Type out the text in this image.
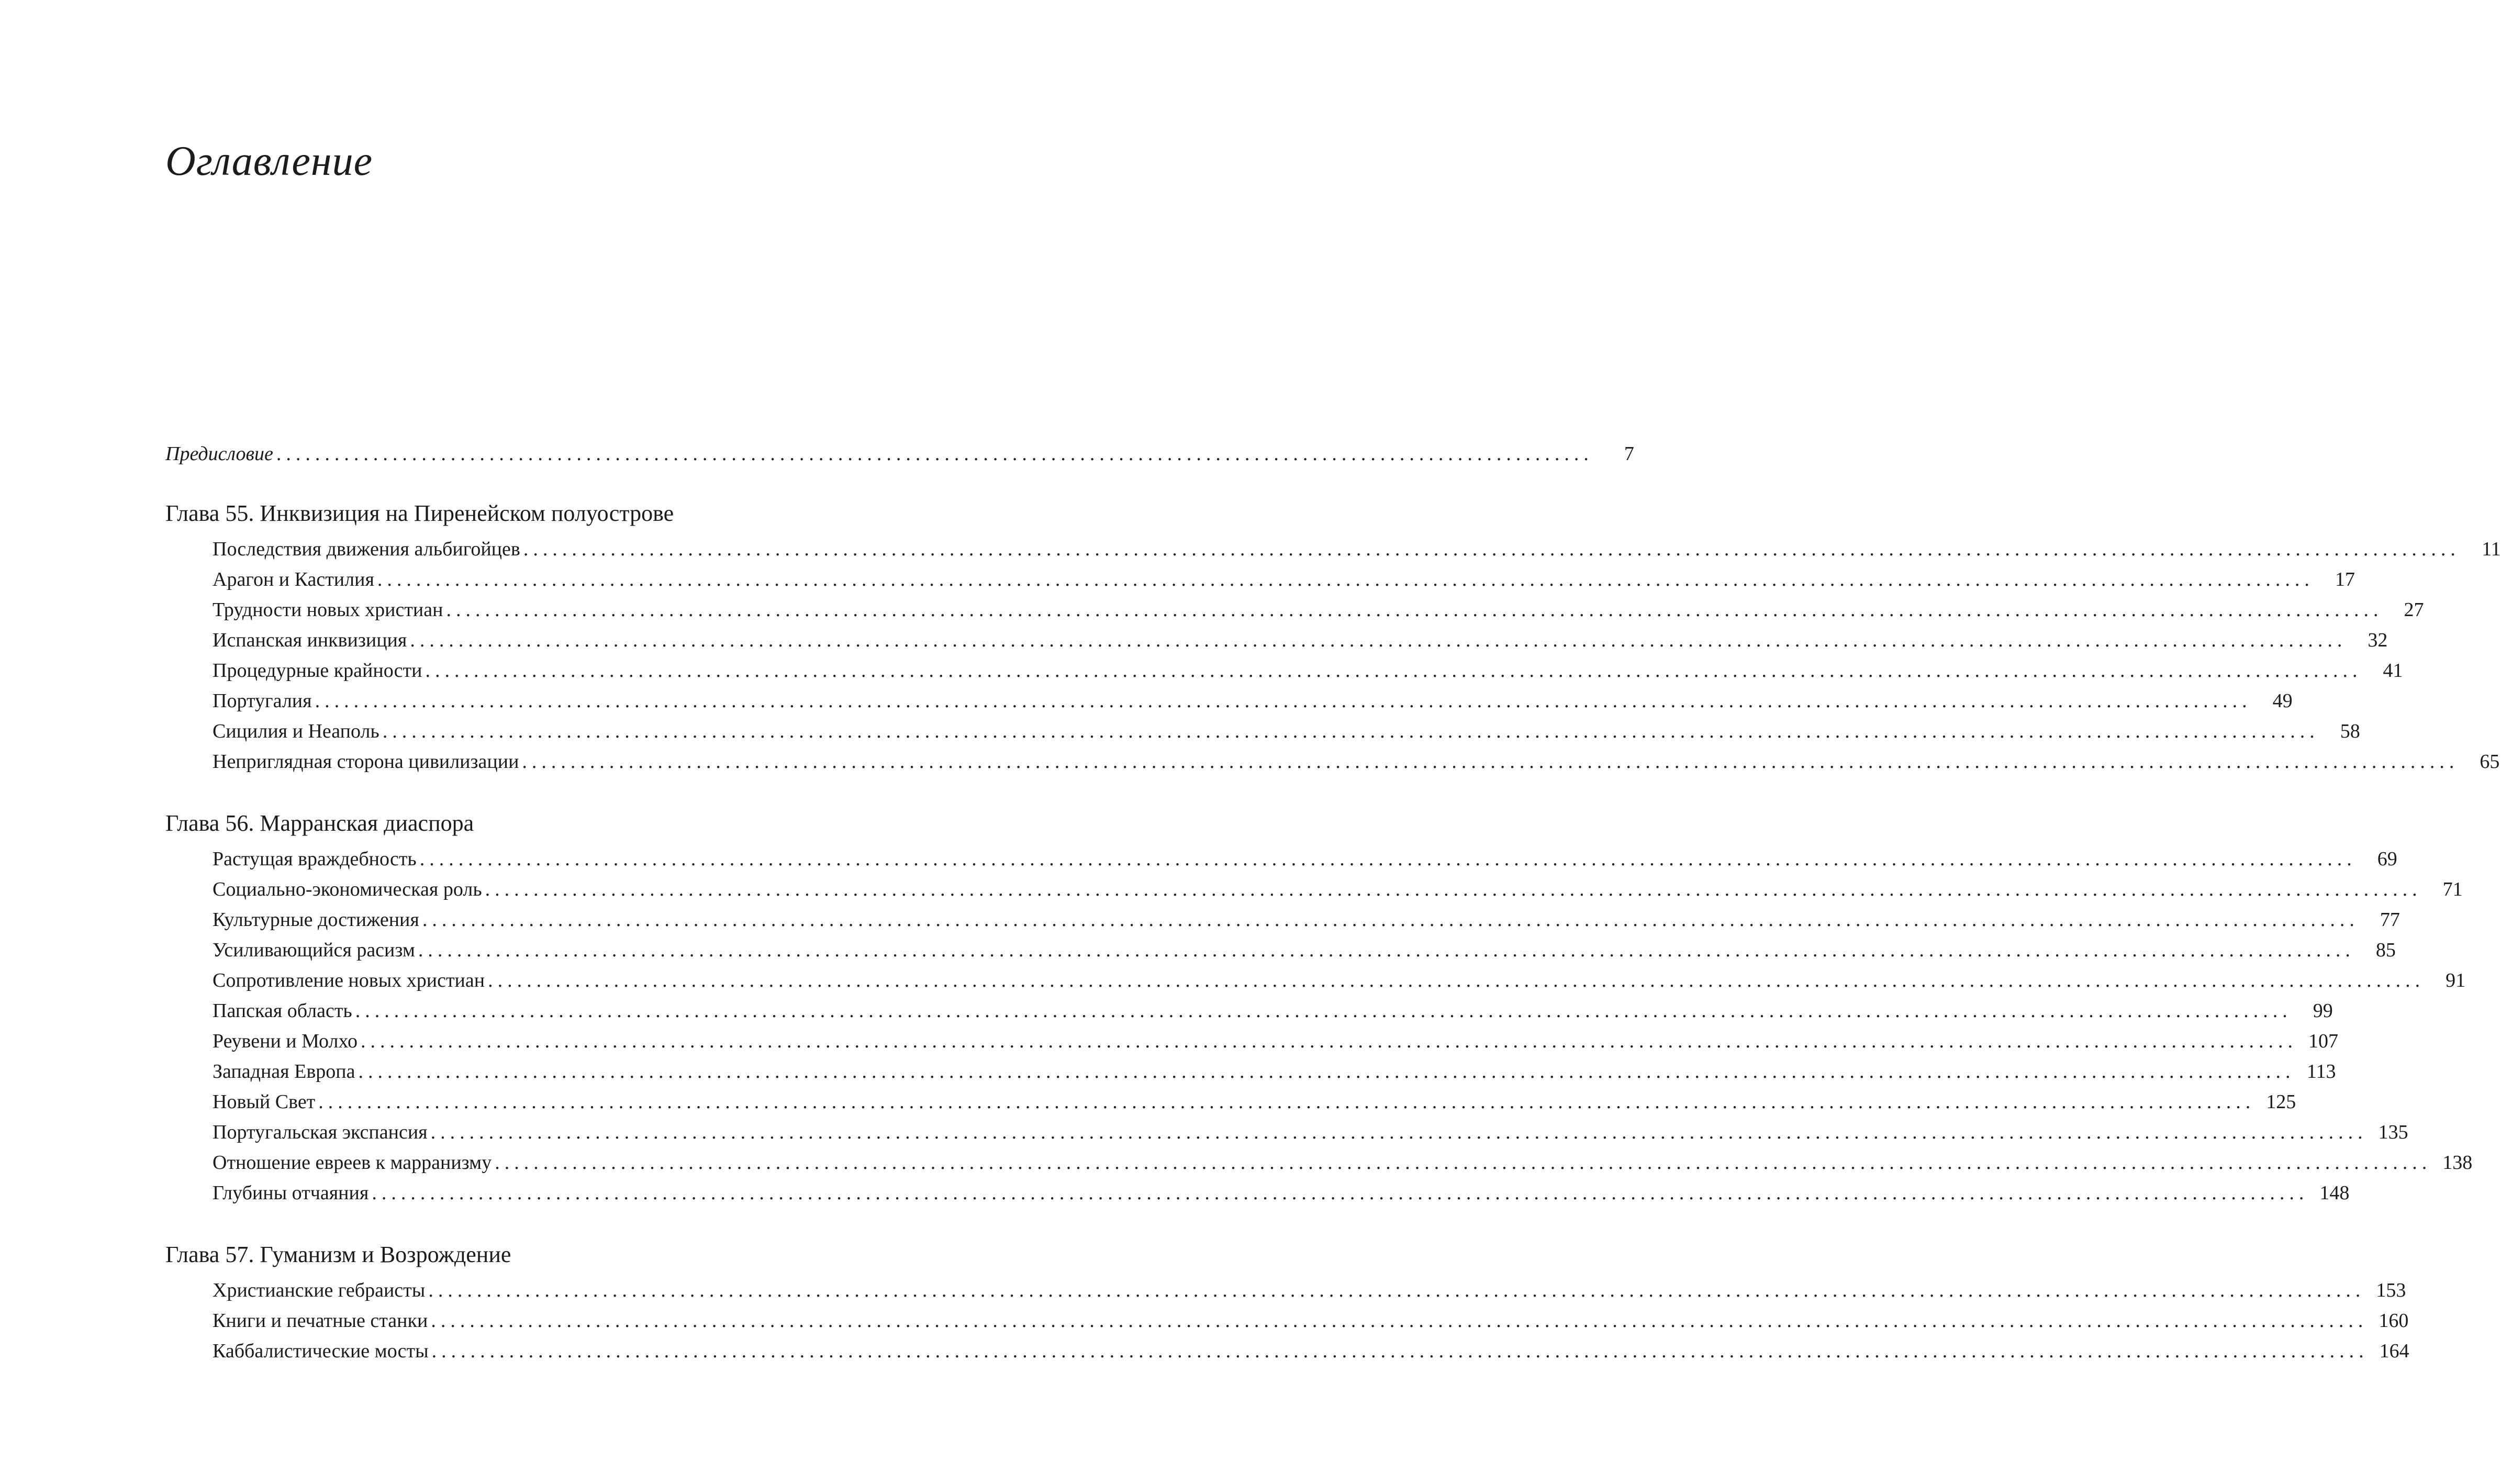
Оглавление
Предисловие ........................................................................................................................................	7
Глава 55. Инквизиция на Пиренейском полуострове
Последствия движения альбигойцев ........................................................................................................................................................................................................	11
Арагон и Кастилия ........................................................................................................................................................................................................	17
Трудности новых христиан ........................................................................................................................................................................................................	27
Испанская инквизиция ........................................................................................................................................................................................................	32
Процедурные крайности ........................................................................................................................................................................................................	41
Португалия ........................................................................................................................................................................................................	49
Сицилия и Неаполь ........................................................................................................................................................................................................	58
Неприглядная сторона цивилизации ........................................................................................................................................................................................................	65
Глава 56. Марранская диаспора
Растущая враждебность ........................................................................................................................................................................................................	69
Социально-экономическая роль ........................................................................................................................................................................................................	71
Культурные достижения ........................................................................................................................................................................................................	77
Усиливающийся расизм ........................................................................................................................................................................................................	85
Сопротивление новых христиан ........................................................................................................................................................................................................	91
Папская область ........................................................................................................................................................................................................	99
Реувени и Молхо ........................................................................................................................................................................................................ 107
Западная Европа ........................................................................................................................................................................................................ 113
Новый Свет ........................................................................................................................................................................................................ 125
Португальская экспансия ........................................................................................................................................................................................................ 135
Отношение евреев к марранизму ........................................................................................................................................................................................................ 138
Глубины отчаяния ........................................................................................................................................................................................................ 148
Глава 57. Гуманизм и Возрождение
Христианские гебраисты ........................................................................................................................................................................................................ 153
Книги и печатные станки ........................................................................................................................................................................................................ 160
Каббалистические мосты ........................................................................................................................................................................................................ 164
